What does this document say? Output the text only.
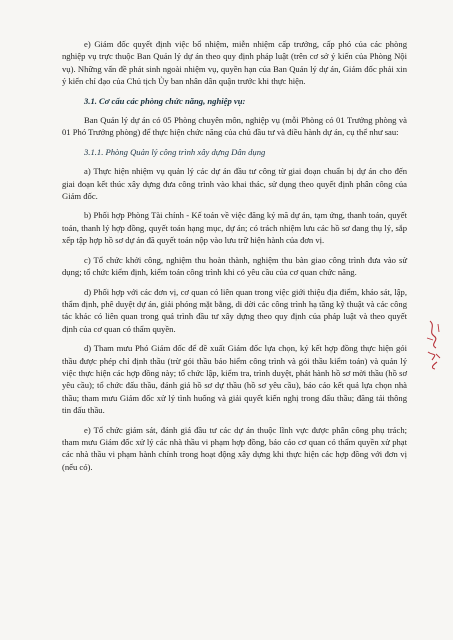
e) Giám đốc quyết định việc bổ nhiệm, miễn nhiệm cấp trưởng, cấp phó của các phòng nghiệp vụ trực thuộc Ban Quản lý dự án theo quy định pháp luật (trên cơ sở ý kiến của Phòng Nội vụ). Những vấn đề phát sinh ngoài nhiệm vụ, quyền hạn của Ban Quản lý dự án, Giám đốc phải xin ý kiến chỉ đạo của Chủ tịch Ủy ban nhân dân quận trước khi thực hiện.

3.1. Cơ cấu các phòng chức năng, nghiệp vụ:

Ban Quản lý dự án có 05 Phòng chuyên môn, nghiệp vụ (mỗi Phòng có 01 Trưởng phòng và 01 Phó Trưởng phòng) để thực hiện chức năng của chủ đầu tư và điều hành dự án, cụ thể như sau:

3.1.1. Phòng Quản lý công trình xây dựng Dân dụng

a) Thực hiện nhiệm vụ quản lý các dự án đầu tư công từ giai đoạn chuẩn bị dự án cho đến giai đoạn kết thúc xây dựng đưa công trình vào khai thác, sử dụng theo quyết định phân công của Giám đốc.

b) Phối hợp Phòng Tài chính - Kế toán về việc đăng ký mã dự án, tạm ứng, thanh toán, quyết toán, thanh lý hợp đồng, quyết toán hạng mục, dự án; có trách nhiệm lưu các hồ sơ đang thụ lý, sắp xếp tập hợp hồ sơ dự án đã quyết toán nộp vào lưu trữ hiện hành của đơn vị.

c) Tổ chức khởi công, nghiệm thu hoàn thành, nghiệm thu bàn giao công trình đưa vào sử dụng; tổ chức kiểm định, kiểm toán công trình khi có yêu cầu của cơ quan chức năng.

d) Phối hợp với các đơn vị, cơ quan có liên quan trong việc giới thiệu địa điểm, khảo sát, lập, thẩm định, phê duyệt dự án, giải phóng mặt bằng, di dời các công trình hạ tầng kỹ thuật và các công tác khác có liên quan trong quá trình đầu tư xây dựng theo quy định của pháp luật và theo quyết định của cơ quan có thẩm quyền.

d) Tham mưu Phó Giám đốc để đề xuất Giám đốc lựa chọn, ký kết hợp đồng thực hiện gói thầu được phép chỉ định thầu (trừ gói thầu bảo hiểm công trình và gói thầu kiểm toán) và quản lý việc thực hiện các hợp đồng này; tổ chức lập, kiểm tra, trình duyệt, phát hành hồ sơ mời thầu (hồ sơ yêu cầu); tổ chức đấu thầu, đánh giá hồ sơ dự thầu (hồ sơ yêu cầu), báo cáo kết quả lựa chọn nhà thầu; tham mưu Giám đốc xử lý tình huống và giải quyết kiến nghị trong đấu thầu; đăng tải thông tin đấu thầu.

e) Tổ chức giám sát, đánh giá đầu tư các dự án thuộc lĩnh vực được phân công phụ trách; tham mưu Giám đốc xử lý các nhà thầu vi phạm hợp đồng, báo cáo cơ quan có thẩm quyền xử phạt các nhà thầu vi phạm hành chính trong hoạt động xây dựng khi thực hiện các hợp đồng với đơn vị (nếu có).
